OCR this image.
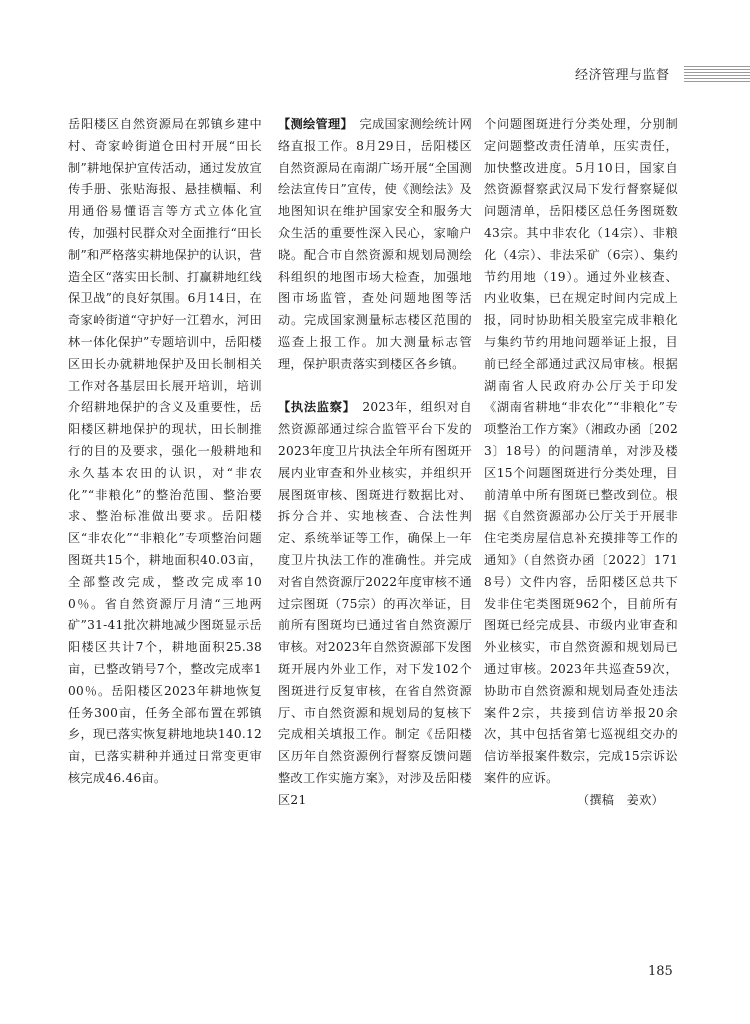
经济管理与监督

岳阳楼区自然资源局在郭镇乡建中村、奇家岭街道仓田村开展“田长制”耕地保护宣传活动，通过发放宣传手册、张贴海报、悬挂横幅、利用通俗易懂语言等方式立体化宣传，加强村民群众对全面推行“田长制”和严格落实耕地保护的认识，营造全区“落实田长制、打赢耕地红线保卫战”的良好氛围。6月14日，在奇家岭街道“守护好一江碧水，河田林一体化保护”专题培训中，岳阳楼区田长办就耕地保护及田长制相关工作对各基层田长展开培训，培训介绍耕地保护的含义及重要性，岳阳楼区耕地保护的现状，田长制推行的目的及要求，强化一般耕地和永久基本农田的认识，对“非农化”“非粮化”的整治范围、整治要求、整治标准做出要求。岳阳楼区“非农化”“非粮化”专项整治问题图斑共15个，耕地面积40.03亩，全部整改完成，整改完成率100％。省自然资源厅月清“三地两矿”31-41批次耕地减少图斑显示岳阳楼区共计7个，耕地面积25.38亩，已整改销号7个，整改完成率100％。岳阳楼区2023年耕地恢复任务300亩，任务全部布置在郭镇乡，现已落实恢复耕地地块140.12亩，已落实耕种并通过日常变更审核完成46.46亩。

【测绘管理】　 完成国家测绘统计网络直报工作。8月29日，岳阳楼区自然资源局在南湖广场开展“全国测绘法宣传日”宣传，使《测绘法》及地图知识在维护国家安全和服务大众生活的重要性深入民心，家喻户晓。配合市自然资源和规划局测绘科组织的地图市场大检查，加强地图市场监管，查处问题地图等活动。完成国家测量标志楼区范围的巡查上报工作。加大测量标志管理，保护职责落实到楼区各乡镇。

【执法监察】　 2023年，组织对自然资源部通过综合监管平台下发的2023年度卫片执法全年所有图斑开展内业审查和外业核实，并组织开展图斑审核、图斑进行数据比对、拆分合并、实地核查、合法性判定、系统举证等工作，确保上一年度卫片执法工作的准确性。并完成对省自然资源厅2022年度审核不通过宗图斑（75宗）的再次举证，目前所有图斑均已通过省自然资源厅审核。对2023年自然资源部下发图斑开展内外业工作，对下发102个图斑进行反复审核，在省自然资源厅、市自然资源和规划局的复核下完成相关填报工作。制定《岳阳楼区历年自然资源例行督察反馈问题整改工作实施方案》，对涉及岳阳楼区21

个问题图斑进行分类处理，分别制定问题整改责任清单，压实责任，加快整改进度。5月10日，国家自然资源督察武汉局下发行督察疑似问题清单，岳阳楼区总任务图斑数43宗。其中非农化（14宗）、非粮化（4宗）、非法采矿（6宗）、集约节约用地（19）。通过外业核查、内业收集，已在规定时间内完成上报，同时协助相关股室完成非粮化与集约节约用地问题举证上报，目前已经全部通过武汉局审核。根据湖南省人民政府办公厅关于印发《湖南省耕地“非农化”“非粮化”专项整治工作方案》（湘政办函〔2023〕18号）的问题清单，对涉及楼区15个问题图斑进行分类处理，目前清单中所有图斑已整改到位。根据《自然资源部办公厅关于开展非住宅类房屋信息补充摸排等工作的通知》（自然资办函〔2022〕1718号）文件内容，岳阳楼区总共下发非住宅类图斑962个，目前所有图斑已经完成县、市级内业审查和外业核实，市自然资源和规划局已通过审核。2023年共巡查59次，协助市自然资源和规划局查处违法案件2宗，共接到信访举报20余次，其中包括省第七巡视组交办的信访举报案件数宗，完成15宗诉讼案件的应诉。

（撰稿　姜欢）

185
